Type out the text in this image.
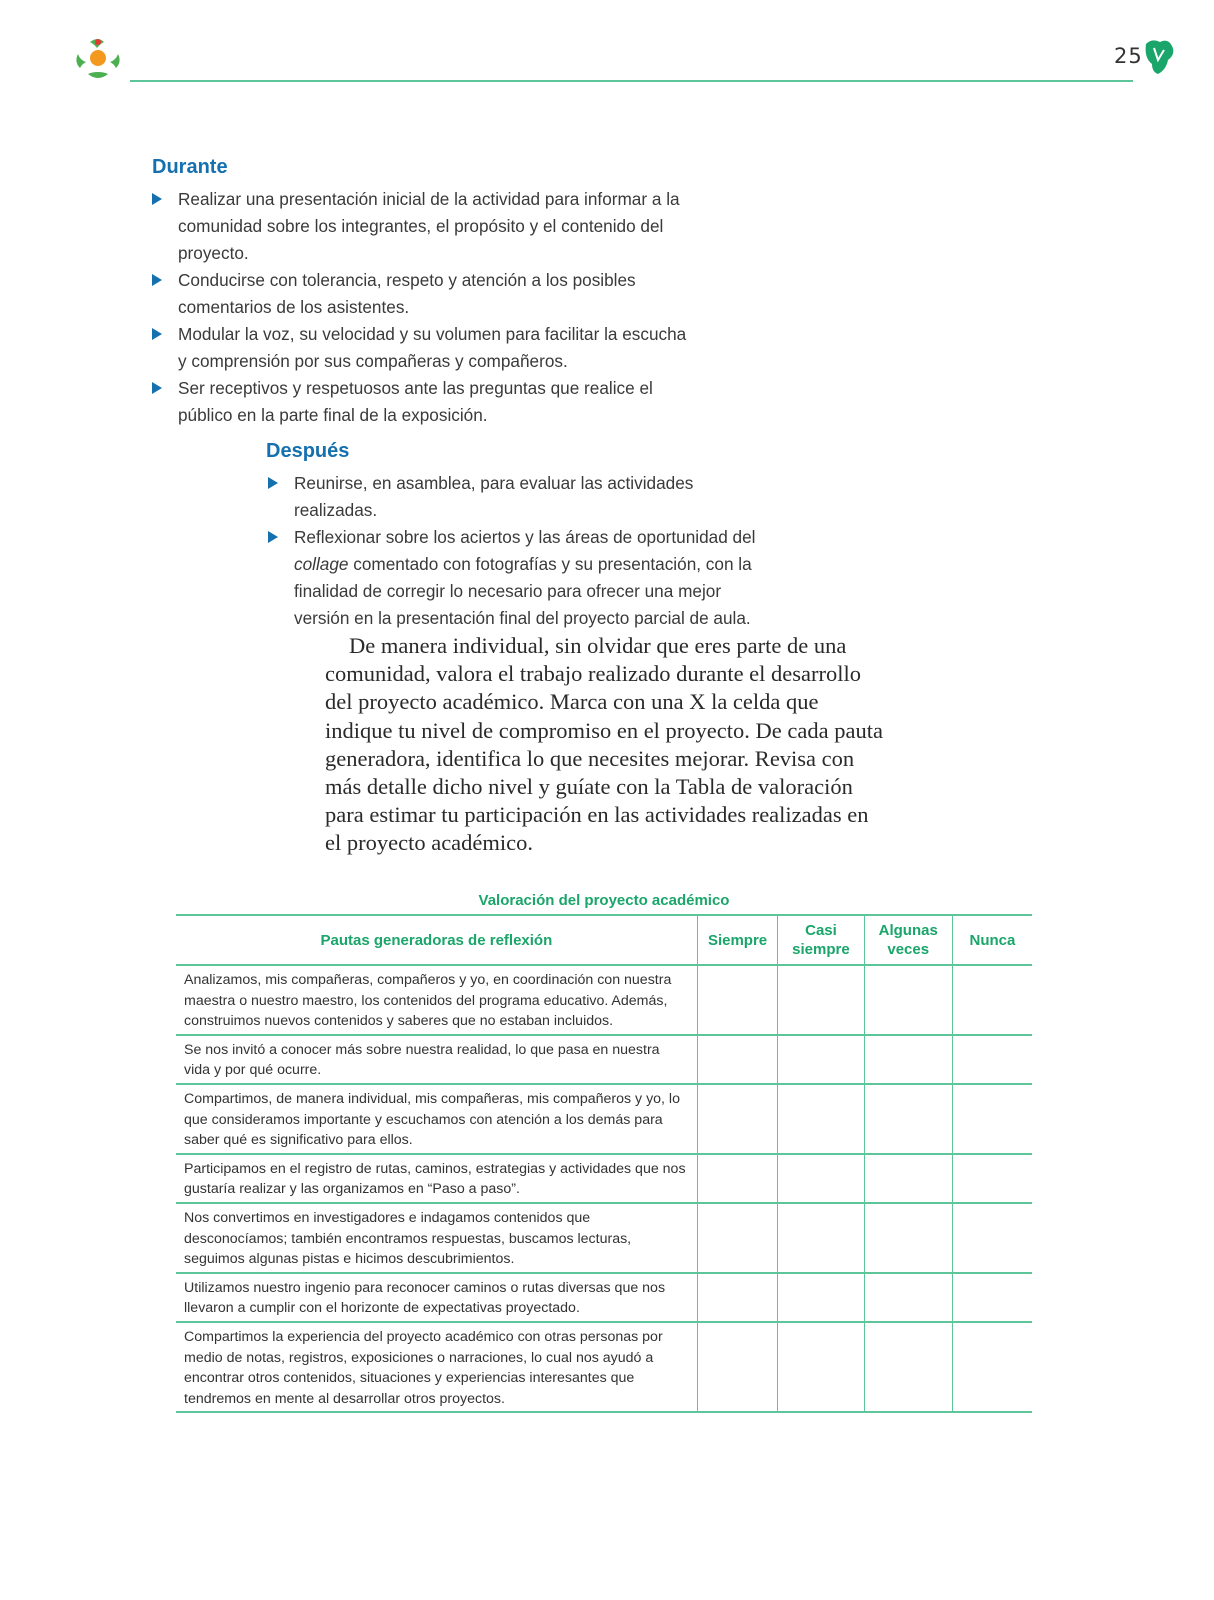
25
Durante
Realizar una presentación inicial de la actividad para informar a la comunidad sobre los integrantes, el propósito y el contenido del proyecto.
Conducirse con tolerancia, respeto y atención a los posibles comentarios de los asistentes.
Modular la voz, su velocidad y su volumen para facilitar la escucha y comprensión por sus compañeras y compañeros.
Ser receptivos y respetuosos ante las preguntas que realice el público en la parte final de la exposición.
Después
Reunirse, en asamblea, para evaluar las actividades realizadas.
Reflexionar sobre los aciertos y las áreas de oportunidad del collage comentado con fotografías y su presentación, con la finalidad de corregir lo necesario para ofrecer una mejor versión en la presentación final del proyecto parcial de aula.

De manera individual, sin olvidar que eres parte de una comunidad, valora el trabajo realizado durante el desarrollo del proyecto académico. Marca con una X la celda que indique tu nivel de compromiso en el proyecto. De cada pauta generadora, identifica lo que necesites mejorar. Revisa con más detalle dicho nivel y guíate con la Tabla de valoración para estimar tu participación en las actividades realizadas en el proyecto académico.

Valoración del proyecto académico
Pautas generadoras de reflexión	Siempre	Casi siempre	Algunas veces	Nunca
Analizamos, mis compañeras, compañeros y yo, en coordinación con nuestra maestra o nuestro maestro, los contenidos del programa educativo. Además, construimos nuevos contenidos y saberes que no estaban incluidos.				
Se nos invitó a conocer más sobre nuestra realidad, lo que pasa en nuestra vida y por qué ocurre.				
Compartimos, de manera individual, mis compañeras, mis compañeros y yo, lo que consideramos importante y escuchamos con atención a los demás para saber qué es significativo para ellos.				
Participamos en el registro de rutas, caminos, estrategias y actividades que nos gustaría realizar y las organizamos en “Paso a paso”.				
Nos convertimos en investigadores e indagamos contenidos que desconocíamos; también encontramos respuestas, buscamos lecturas, seguimos algunas pistas e hicimos descubrimientos.				
Utilizamos nuestro ingenio para reconocer caminos o rutas diversas que nos llevaron a cumplir con el horizonte de expectativas proyectado.				
Compartimos la experiencia del proyecto académico con otras personas por medio de notas, registros, exposiciones o narraciones, lo cual nos ayudó a encontrar otros contenidos, situaciones y experiencias interesantes que tendremos en mente al desarrollar otros proyectos.				
